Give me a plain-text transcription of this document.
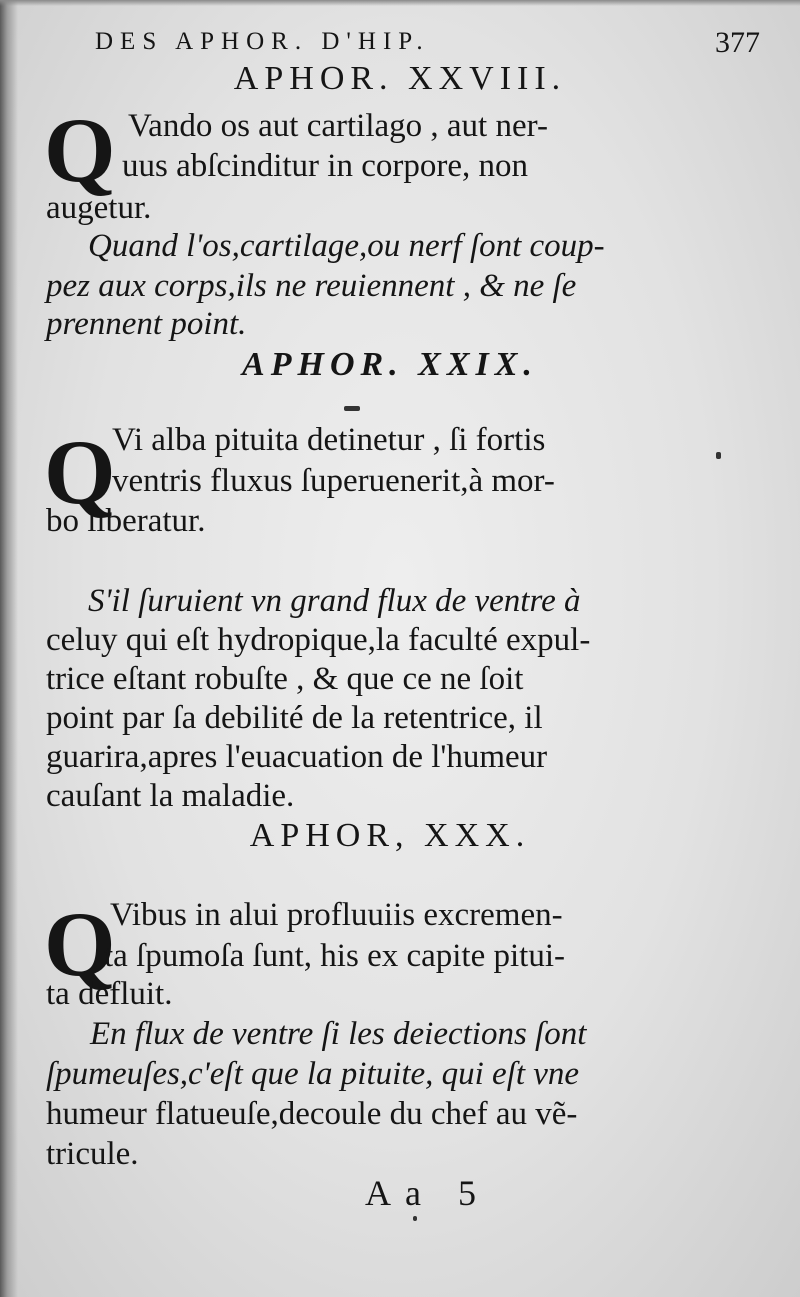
DES APHOR. D'HIP.	377
APHOR. XXVIII.
Q Vando os aut cartilago , aut ner-
uus abſcinditur in corpore, non
augetur.
Quand l'os,cartilage,ou nerf ſont coup-
pez aux corps,ils ne reuiennent , & ne ſe
prennent point.
APHOR. XXIX.
Q
Vi alba pituita detinetur , ſi fortis
ventris fluxus ſuperuenerit,à mor-
bo liberatur.
S'il ſuruient vn grand flux de ventre à
celuy qui eſt hydropique,la faculté expul-
trice eſtant robuſte , & que ce ne ſoit
point par ſa debilité de la retentrice, il
guarira,apres l'euacuation de l'humeur
cauſant la maladie.
APHOR, XXX.
Q
Vibus in alui profluuiis excremen-
ta ſpumoſa ſunt, his ex capite pitui-
ta defluit.
En flux de ventre ſi les deiections ſont
ſpumeuſes,c'eſt que la pituite, qui eſt vne
humeur flatueuſe,decoule du chef au vẽ-
tricule.
Aa 5
